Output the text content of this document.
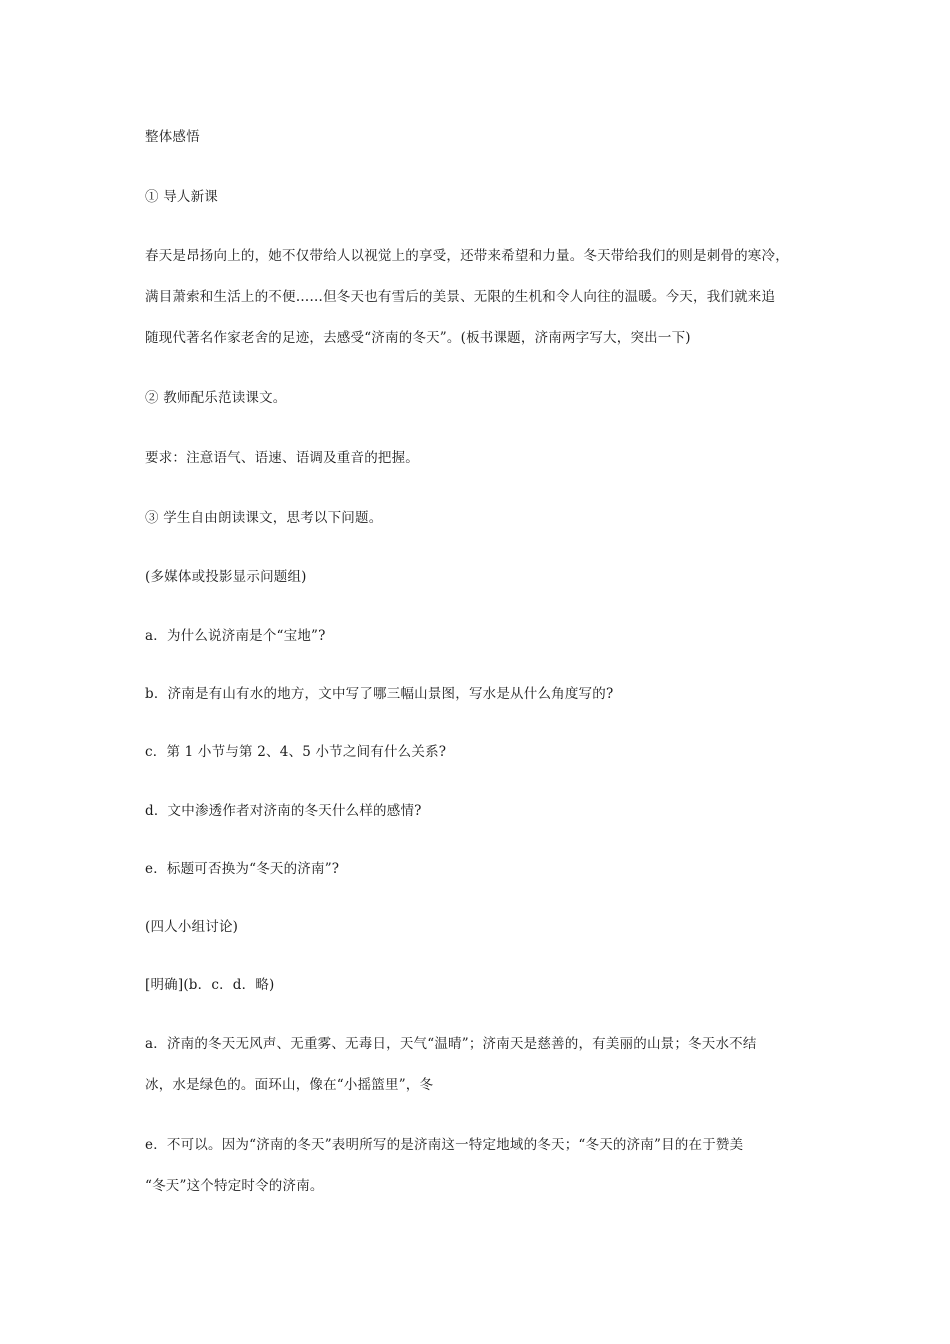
整体感悟
① 导人新课
春天是昂扬向上的，她不仅带给人以视觉上的享受，还带来希望和力量。冬天带给我们的则是刺骨的寒冷，
满目萧索和生活上的不便……但冬天也有雪后的美景、无限的生机和令人向往的温暖。今天，我们就来追
随现代著名作家老舍的足迹，去感受“济南的冬天”。(板书课题，济南两字写大，突出一下)
② 教师配乐范读课文。
要求：注意语气、语速、语调及重音的把握。
③ 学生自由朗读课文，思考以下问题。
(多媒体或投影显示问题组)
a．为什么说济南是个“宝地”?
b．济南是有山有水的地方，文中写了哪三幅山景图，写水是从什么角度写的?
c．第 1 小节与第 2、4、5 小节之间有什么关系?
d．文中渗透作者对济南的冬天什么样的感情?
e．标题可否换为“冬天的济南”?
(四人小组讨论)
[明确](b．c．d．略)
a．济南的冬天无风声、无重雾、无毒日，天气“温晴”；济南天是慈善的，有美丽的山景；冬天水不结
冰，水是绿色的。面环山，像在“小摇篮里”，冬
e．不可以。因为“济南的冬天”表明所写的是济南这一特定地域的冬天；“冬天的济南”目的在于赞美
“冬天”这个特定时令的济南。
